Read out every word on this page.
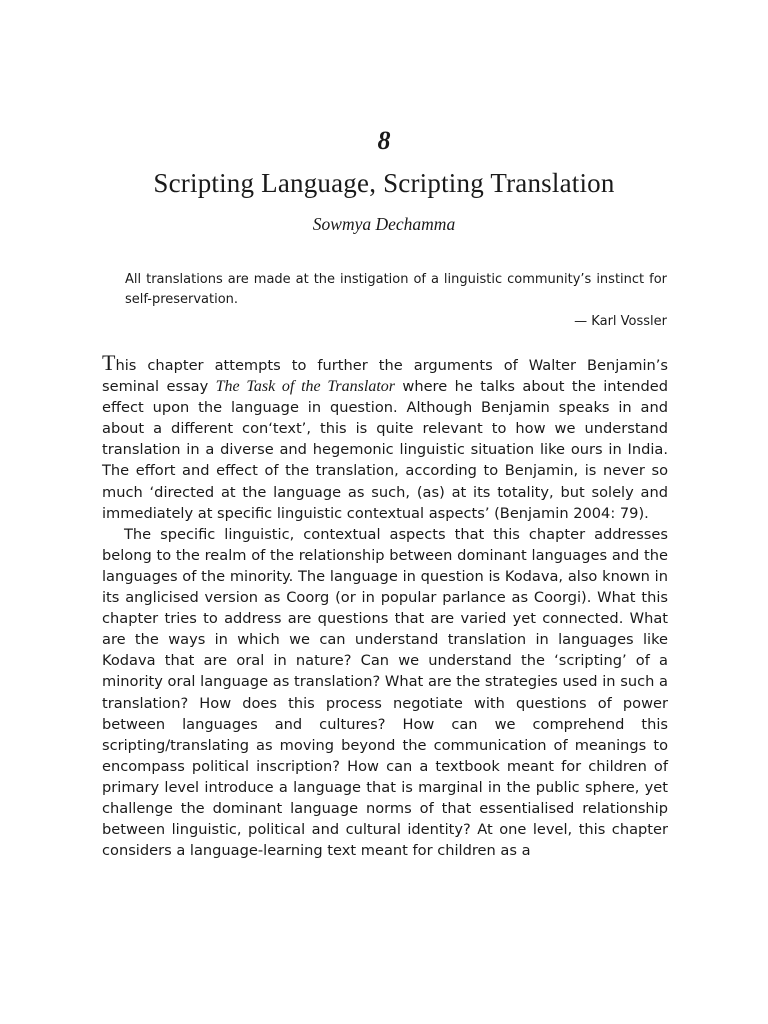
8
Scripting Language, Scripting Translation
Sowmya Dechamma
All translations are made at the instigation of a linguistic community’s instinct for self-preservation.
— Karl Vossler

This chapter attempts to further the arguments of Walter Benjamin’s seminal essay The Task of the Translator where he talks about the intended effect upon the language in question. Although Benjamin speaks in and about a different con‘text’, this is quite relevant to how we understand translation in a diverse and hegemonic linguistic situation like ours in India. The effort and effect of the translation, according to Benjamin, is never so much ‘directed at the language as such, (as) at its totality, but solely and immediately at specific linguistic contextual aspects’ (Benjamin 2004: 79).

The specific linguistic, contextual aspects that this chapter addresses belong to the realm of the relationship between dominant languages and the languages of the minority. The language in question is Kodava, also known in its anglicised version as Coorg (or in popular parlance as Coorgi). What this chapter tries to address are questions that are varied yet connected. What are the ways in which we can understand translation in languages like Kodava that are oral in nature? Can we understand the ‘scripting’ of a minority oral language as translation? What are the strategies used in such a translation? How does this process negotiate with questions of power between languages and cultures? How can we comprehend this scripting/translating as moving beyond the communication of meanings to encompass political inscription? How can a textbook meant for children of primary level introduce a language that is marginal in the public sphere, yet challenge the dominant language norms of that essentialised relationship between linguistic, political and cultural identity? At one level, this chapter considers a language-learning text meant for children as a
